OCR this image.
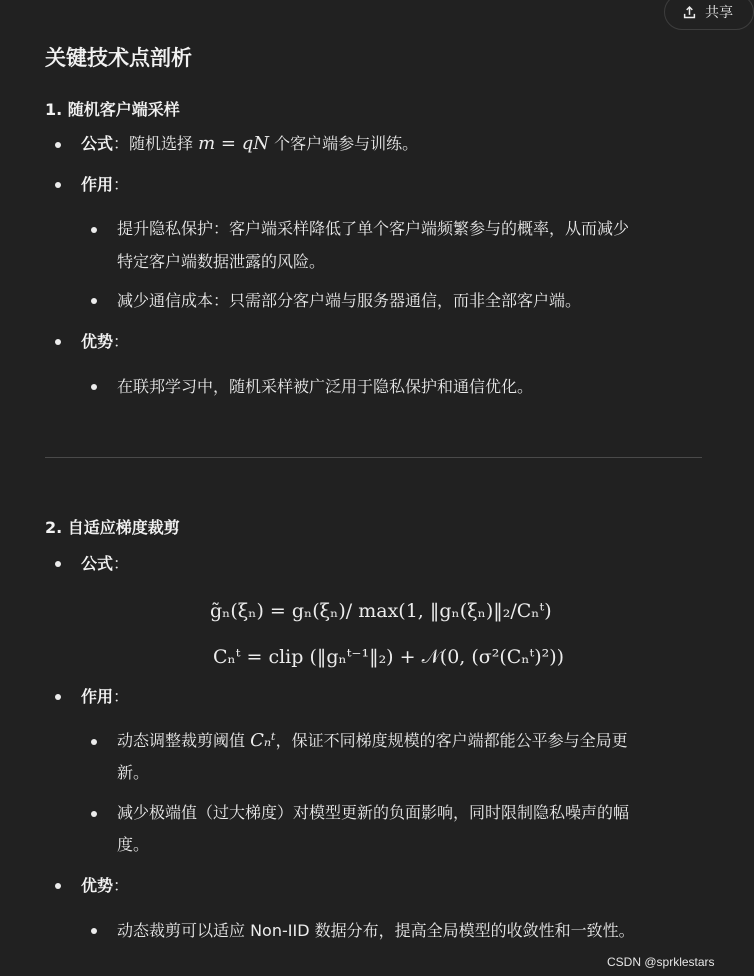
共享
关键技术点剖析
1. 随机客户端采样
公式：随机选择 m = qN 个客户端参与训练。
作用：
提升隐私保护：客户端采样降低了单个客户端频繁参与的概率，从而减少
特定客户端数据泄露的风险。
减少通信成本：只需部分客户端与服务器通信，而非全部客户端。
优势：
在联邦学习中，随机采样被广泛用于隐私保护和通信优化。
2. 自适应梯度裁剪
公式：
g̃ₙ(ξₙ) = gₙ(ξₙ)/ max(1, ‖gₙ(ξₙ)‖₂/Cₙᵗ)
Cₙᵗ = clip (‖gₙᵗ⁻¹‖₂) + 𝒩(0, (σ²(Cₙᵗ)²))
作用：
动态调整裁剪阈值 Cₙᵗ，保证不同梯度规模的客户端都能公平参与全局更
新。
减少极端值（过大梯度）对模型更新的负面影响，同时限制隐私噪声的幅
度。
优势：
动态裁剪可以适应 Non-IID 数据分布，提高全局模型的收敛性和一致性。
CSDN @sprklestars
